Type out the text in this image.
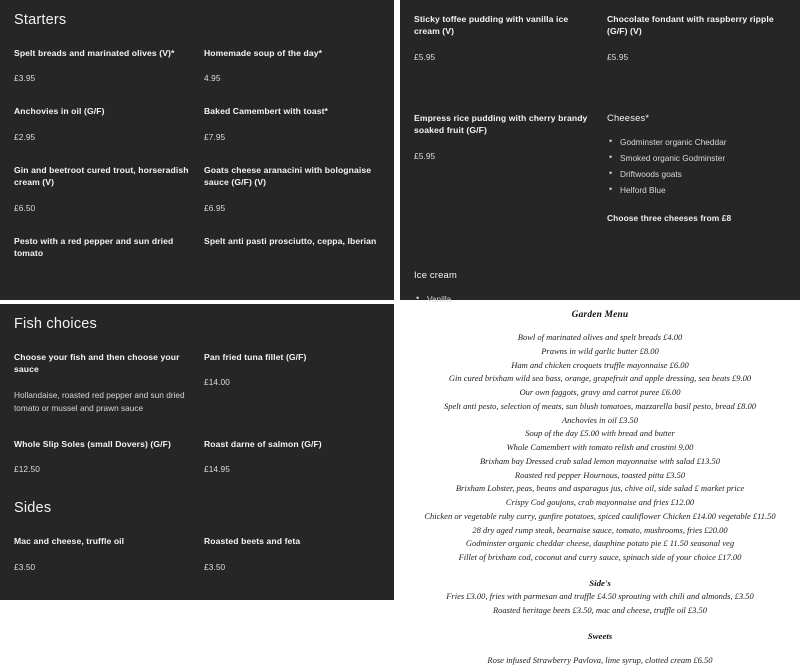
Starters
Spelt breads and marinated olives (V)*
£3.95
Homemade soup of the day*
4.95
Anchovies in oil (G/F)
£2.95
Baked Camembert with toast*
£7.95
Gin and beetroot cured trout, horseradish cream (V)
£6.50
Goats cheese aranacini with bolognaise sauce (G/F) (V)
£6.95
Pesto with a red pepper and sun dried tomato
Spelt anti pasti prosciutto, ceppa, Iberian
Fish choices
Choose your fish and then choose your sauce
Hollandaise, roasted red pepper and sun dried tomato or mussel and prawn sauce
Pan fried tuna fillet (G/F)
£14.00
Whole Slip Soles (small Dovers) (G/F)
£12.50
Roast darne of salmon (G/F)
£14.95
Sides
Mac and cheese, truffle oil
£3.50
Roasted beets and feta
£3.50
Sticky toffee pudding with vanilla ice cream (V)
£5.95
Chocolate fondant with raspberry ripple (G/F) (V)
£5.95
Empress rice pudding with cherry brandy soaked fruit (G/F)
£5.95
Cheeses*
• Godminster organic Cheddar
• Smoked organic Godminster
• Driftwoods goats
• Helford Blue
Choose three cheeses from £8
Ice cream
• Vanilla
•
Garden Menu
Bowl of marinated olives and spelt breads £4.00
Prawns in wild garlic butter £8.00
Ham and chicken croquets truffle mayonnaise £6.00
Gin cured brixham wild sea bass, orange, grapefruit and apple dressing, sea beats £9.00
Our own faggots, gravy and carrot puree £6.00
Spelt anti pesto, selection of meats, sun blush tomatoes, mazzarella basil pesto, bread £8.00
Anchovies in oil £3.50
Soup of the day £5.00 with bread and butter
Whole Camembert with tomato relish and crostini 9.00
Brixham bay Dressed crab salad lemon mayonnaise with salad £13.50
Roasted red pepper Hournous, toasted pitta £3.50
Brixham Lobster, peas, beans and asparagus jus, chive oil, side salad £ market price
Crispy Cod goujons, crab mayonnaise and fries £12.00
Chicken or vegetable ruby curry, gunfire potatoes, spiced cauliflower Chicken £14.00 vegetable £11.50
28 dry aged rump steak, bearnaise sauce, tomato, mushrooms, fries £20.00
Godminster organic cheddar cheese, dauphine potato pie £ 11.50 seasonal veg
Fillet of brixham cod, coconut and curry sauce, spinach side of your choice £17.00
Side's
Fries £3.00, fries with parmesan and truffle £4.50 sprouting with chili and almonds, £3.50
Roasted heritage beets £3.50, mac and cheese, truffle oil £3.50
Sweets
Rose infused Strawberry Pavlova, lime syrup, clotted cream £6.50
